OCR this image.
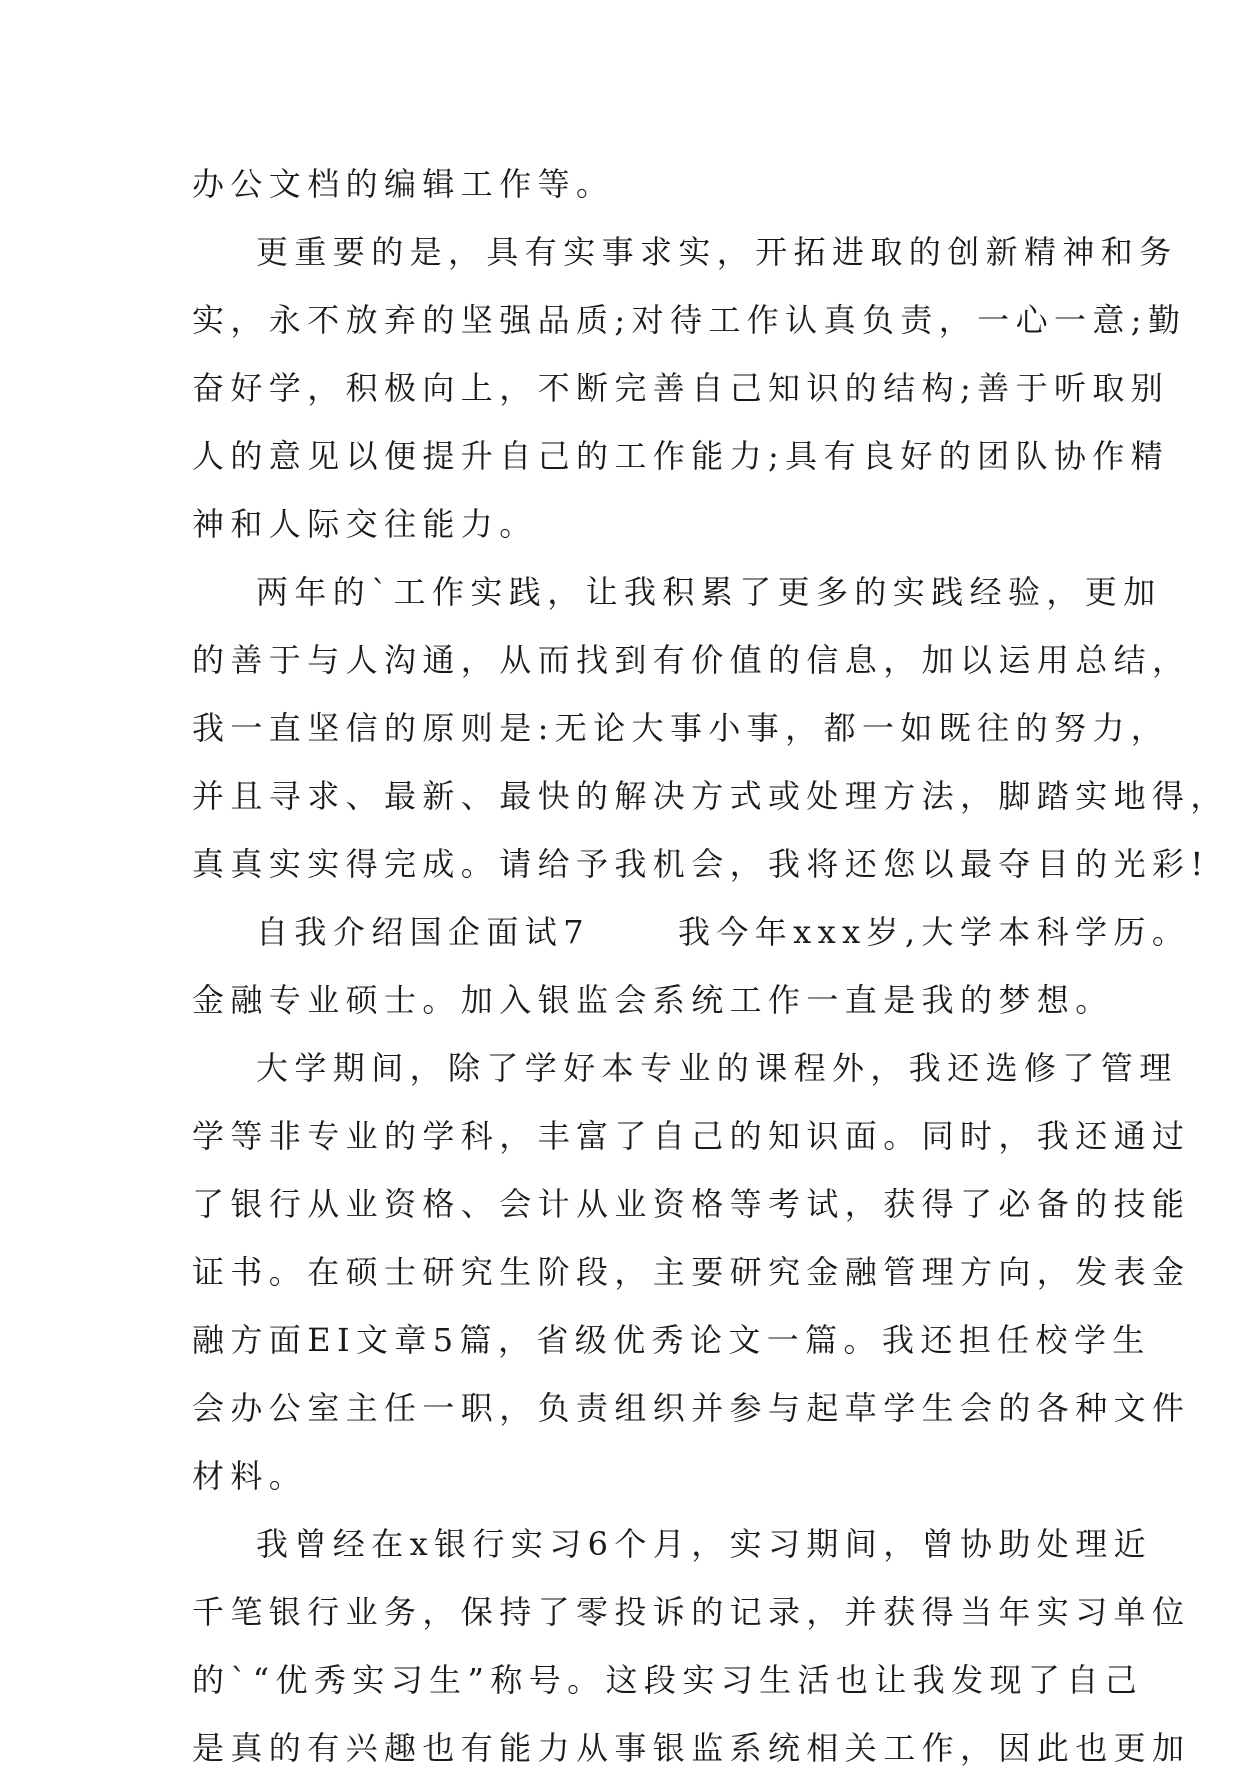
办公文档的编辑工作等。
更重要的是，具有实事求实，开拓进取的创新精神和务
实，永不放弃的坚强品质;对待工作认真负责，一心一意;勤
奋好学，积极向上，不断完善自己知识的结构;善于听取别
人的意见以便提升自己的工作能力;具有良好的团队协作精
神和人际交往能力。
两年的`工作实践，让我积累了更多的实践经验，更加
的善于与人沟通，从而找到有价值的信息，加以运用总结，
我一直坚信的原则是:无论大事小事，都一如既往的努力，
并且寻求、最新、最快的解决方式或处理方法，脚踏实地得，
真真实实得完成。请给予我机会，我将还您以最夺目的光彩!
自我介绍国企面试7	我今年xxx岁,大学本科学历。
金融专业硕士。加入银监会系统工作一直是我的梦想。
大学期间，除了学好本专业的课程外，我还选修了管理
学等非专业的学科，丰富了自己的知识面。同时，我还通过
了银行从业资格、会计从业资格等考试，获得了必备的技能
证书。在硕士研究生阶段，主要研究金融管理方向，发表金
融方面EI文章5篇，省级优秀论文一篇。我还担任校学生
会办公室主任一职，负责组织并参与起草学生会的各种文件
材料。
我曾经在x银行实习6个月，实习期间，曾协助处理近
千笔银行业务，保持了零投诉的记录，并获得当年实习单位
的`“优秀实习生”称号。这段实习生活也让我发现了自己
是真的有兴趣也有能力从事银监系统相关工作，因此也更加
